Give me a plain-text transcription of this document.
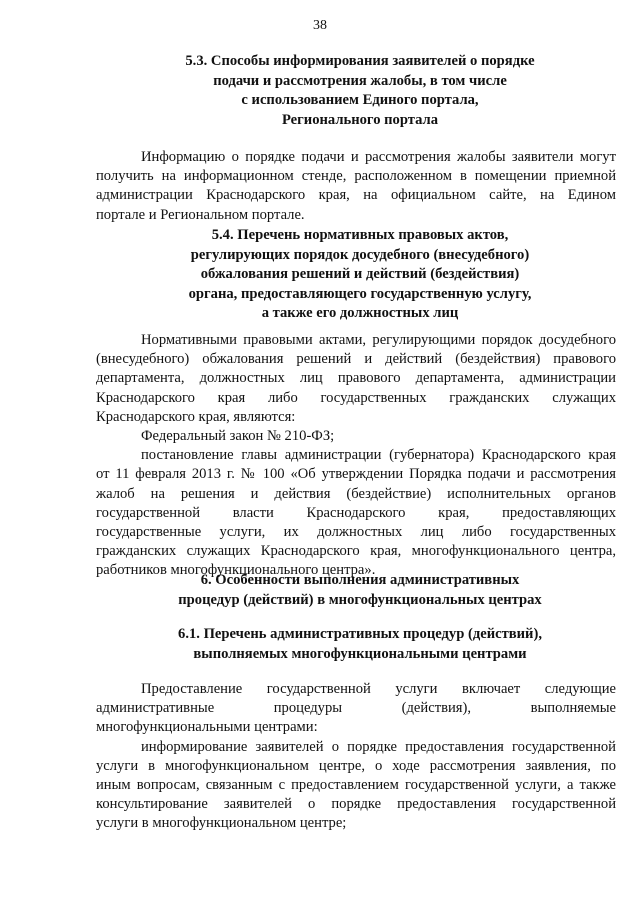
38
5.3. Способы информирования заявителей о порядке
подачи и рассмотрения жалобы, в том числе
с использованием Единого портала,
Регионального портала
Информацию о порядке подачи и рассмотрения жалобы заявители могут
получить на информационном стенде, расположенном в помещении приемной
администрации Краснодарского края, на официальном сайте, на Едином
портале и Региональном портале.
5.4. Перечень нормативных правовых актов,
регулирующих порядок досудебного (внесудебного)
обжалования решений и действий (бездействия)
органа, предоставляющего государственную услугу,
а также его должностных лиц
Нормативными правовыми актами, регулирующими порядок досудебного
(внесудебного) обжалования решений и действий (бездействия) правового
департамента, должностных лиц правового департамента, администрации
Краснодарского края либо государственных гражданских служащих
Краснодарского края, являются:
Федеральный закон № 210-ФЗ;
постановление главы администрации (губернатора) Краснодарского края
от 11 февраля 2013 г. № 100 «Об утверждении Порядка подачи и рассмотрения
жалоб на решения и действия (бездействие) исполнительных органов
государственной власти Краснодарского края, предоставляющих
государственные услуги, их должностных лиц либо государственных
гражданских служащих Краснодарского края, многофункционального центра,
работников многофункционального центра».
6. Особенности выполнения административных
процедур (действий) в многофункциональных центрах
6.1. Перечень административных процедур (действий),
выполняемых многофункциональными центрами
Предоставление государственной услуги включает следующие
административные процедуры (действия), выполняемые
многофункциональными центрами:
информирование заявителей о порядке предоставления государственной
услуги в многофункциональном центре, о ходе рассмотрения заявления, по
иным вопросам, связанным с предоставлением государственной услуги, а также
консультирование заявителей о порядке предоставления государственной
услуги в многофункциональном центре;
